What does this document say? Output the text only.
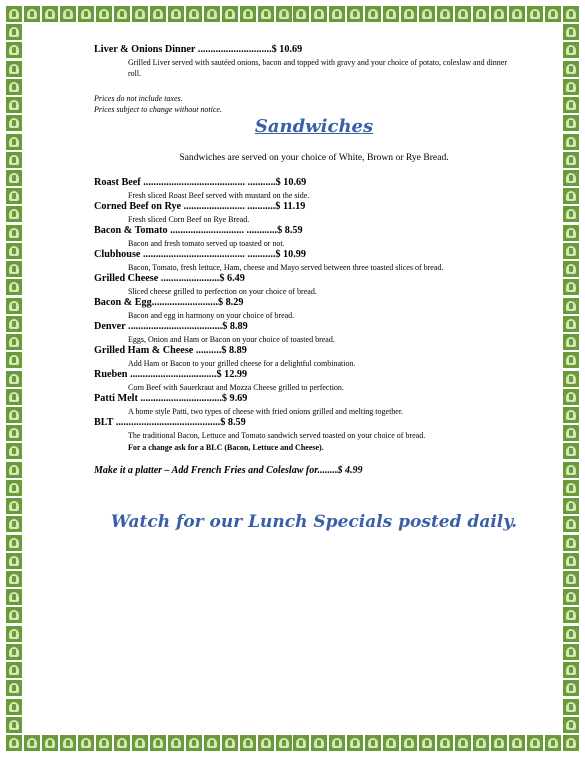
Liver & Onions Dinner .............................$ 10.69
Grilled Liver served with sautéed onions, bacon and topped with gravy and your choice of potato, coleslaw and dinner roll.
Prices do not include taxes.
Prices subject to change without notice.
Sandwiches
Sandwiches are served on your choice of White, Brown or Rye Bread.
Roast Beef ........................................ ...........$ 10.69
Fresh sliced Roast Beef served with mustard on the side.
Corned Beef on Rye ........................ ...........$ 11.19
Fresh sliced Corn Beef on Rye Bread.
Bacon & Tomato ............................. ............$ 8.59
Bacon and fresh tomato served up toasted or not.
Clubhouse ........................................ ...........$ 10.99
Bacon, Tomato, fresh lettuce, Ham, cheese and Mayo served between three toasted slices of bread.
Grilled Cheese .......................$ 6.49
Sliced cheese grilled to perfection on your choice of bread.
Bacon & Egg..........................$ 8.29
Bacon and egg in harmony on your choice of bread.
Denver .....................................$ 8.89
Eggs, Onion and Ham or Bacon on your choice of toasted bread.
Grilled Ham & Cheese ..........$ 8.89
Add Ham or Bacon to your grilled cheese for a delightful combination.
Rueben ..................................$ 12.99
Corn Beef with Sauerkraut and Mozza Cheese grilled to perfection.
Patti Melt ................................$ 9.69
A home style Patti, two types of cheese with fried onions grilled and melting together.
BLT .........................................$ 8.59
The traditional Bacon, Lettuce and Tomato sandwich served toasted on your choice of bread.
For a change ask for a BLC (Bacon, Lettuce and Cheese).
Make it a platter – Add French Fries and Coleslaw for........$ 4.99
Watch for our Lunch Specials posted daily.
